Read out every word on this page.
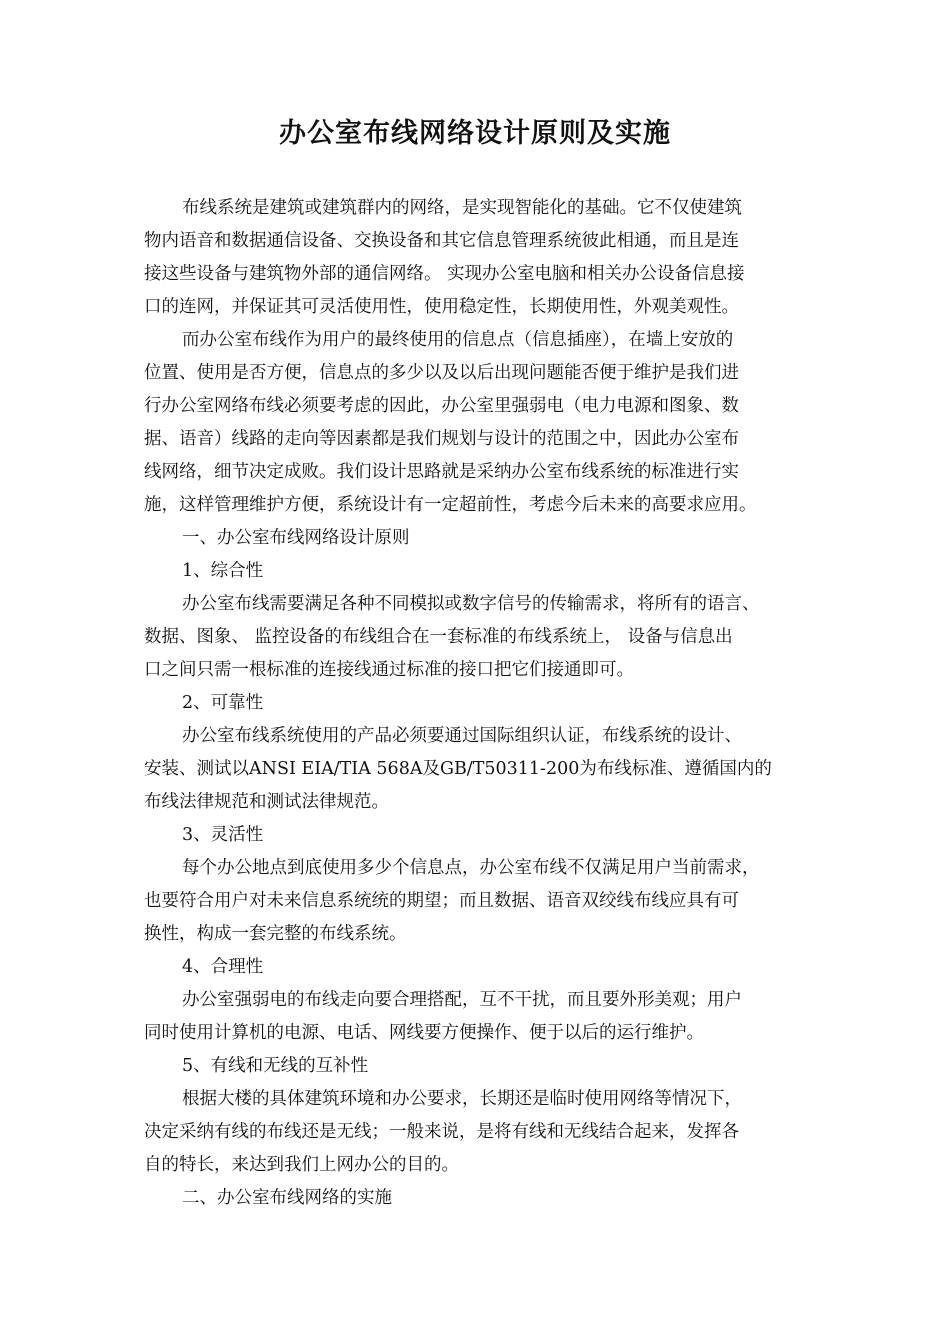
办公室布线网络设计原则及实施
布线系统是建筑或建筑群内的网络，是实现智能化的基础。它不仅使建筑
物内语音和数据通信设备、交换设备和其它信息管理系统彼此相通，而且是连
接这些设备与建筑物外部的通信网络。 实现办公室电脑和相关办公设备信息接
口的连网，并保证其可灵活使用性，使用稳定性，长期使用性，外观美观性。
而办公室布线作为用户的最终使用的信息点（信息插座），在墙上安放的
位置、使用是否方便，信息点的多少以及以后出现问题能否便于维护是我们进
行办公室网络布线必须要考虑的因此，办公室里强弱电（电力电源和图象、数
据、语音）线路的走向等因素都是我们规划与设计的范围之中，因此办公室布
线网络，细节决定成败。我们设计思路就是采纳办公室布线系统的标准进行实
施，这样管理维护方便，系统设计有一定超前性，考虑今后未来的高要求应用。
一、办公室布线网络设计原则
1、综合性
办公室布线需要满足各种不同模拟或数字信号的传输需求，将所有的语言、
数据、图象、 监控设备的布线组合在一套标准的布线系统上， 设备与信息出
口之间只需一根标准的连接线通过标准的接口把它们接通即可。
2、可靠性
办公室布线系统使用的产品必须要通过国际组织认证，布线系统的设计、
安装、测试以ANSI EIA/TIA 568A及GB/T50311-200为布线标准、遵循国内的
布线法律规范和测试法律规范。
3、灵活性
每个办公地点到底使用多少个信息点，办公室布线不仅满足用户当前需求，
也要符合用户对未来信息系统统的期望；而且数据、语音双绞线布线应具有可
换性，构成一套完整的布线系统。
4、合理性
办公室强弱电的布线走向要合理搭配，互不干扰，而且要外形美观；用户
同时使用计算机的电源、电话、网线要方便操作、便于以后的运行维护。
5、有线和无线的互补性
根据大楼的具体建筑环境和办公要求，长期还是临时使用网络等情况下，
决定采纳有线的布线还是无线；一般来说，是将有线和无线结合起来，发挥各
自的特长，来达到我们上网办公的目的。
二、办公室布线网络的实施
